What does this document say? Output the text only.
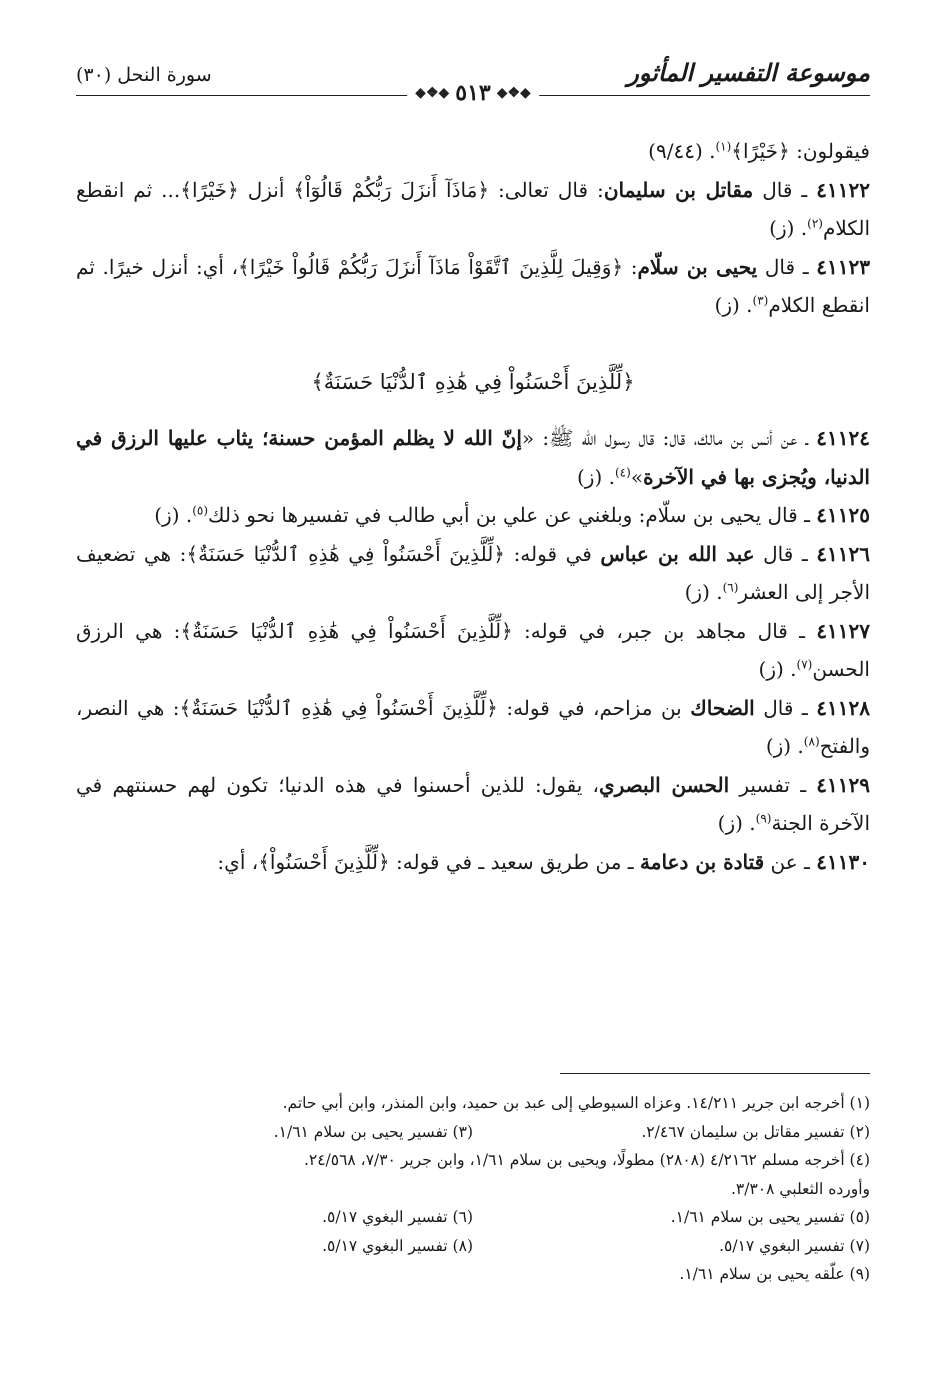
موسوعة التفسير المأثور
سورة النحل (٣٠)
◆❖◆
٥١٣
◆❖◆

فيقولون: ﴿خَيْرًا﴾$^{(١)}$. (٩/٤٤)

٤١١٢٢ ـ قال مقاتل بن سليمان: قال تعالى: ﴿مَاذَآ أَنزَلَ رَبُّكُمْ قَالُوٓاْ﴾ أنزل ﴿خَيْرًا﴾... ثم انقطع الكلام$^{(٢)}$. (ز)

٤١١٢٣ ـ قال يحيى بن سلّام: ﴿وَقِيلَ لِلَّذِينَ ٱتَّقَوْاْ مَاذَآ أَنزَلَ رَبُّكُمْ قَالُواْ خَيْرًا﴾، أي: أنزل خيرًا. ثم انقطع الكلام$^{(٣)}$. (ز)

﴿لِّلَّذِينَ أَحْسَنُواْ فِي هَٰذِهِ ٱلدُّنْيَا حَسَنَةٌ﴾

٤١١٢٤ ـ عن أنس بن مالك، قال: قال رسول الله ﷺ: «إنّ الله لا يظلم المؤمن حسنة؛ يثاب عليها الرزق في الدنيا، ويُجزى بها في الآخرة»$^{(٤)}$. (ز)

٤١١٢٥ ـ قال يحيى بن سلّام: وبلغني عن علي بن أبي طالب في تفسيرها نحو ذلك$^{(٥)}$. (ز)

٤١١٢٦ ـ قال عبد الله بن عباس في قوله: ﴿لِّلَّذِينَ أَحْسَنُواْ فِي هَٰذِهِ ٱلدُّنْيَا حَسَنَةٌ﴾: هي تضعيف الأجر إلى العشر$^{(٦)}$. (ز)

٤١١٢٧ ـ قال مجاهد بن جبر، في قوله: ﴿لِّلَّذِينَ أَحْسَنُواْ فِي هَٰذِهِ ٱلدُّنْيَا حَسَنَةٌ﴾: هي الرزق الحسن$^{(٧)}$. (ز)

٤١١٢٨ ـ قال الضحاك بن مزاحم، في قوله: ﴿لِّلَّذِينَ أَحْسَنُواْ فِي هَٰذِهِ ٱلدُّنْيَا حَسَنَةٌ﴾: هي النصر، والفتح$^{(٨)}$. (ز)

٤١١٢٩ ـ تفسير الحسن البصري، يقول: للذين أحسنوا في هذه الدنيا؛ تكون لهم حسنتهم في الآخرة الجنة$^{(٩)}$. (ز)

٤١١٣٠ ـ عن قتادة بن دعامة ـ من طريق سعيد ـ في قوله: ﴿لِّلَّذِينَ أَحْسَنُواْ﴾، أي:

(١) أخرجه ابن جرير ١٤/٢١١. وعزاه السيوطي إلى عبد بن حميد، وابن المنذر، وابن أبي حاتم.

(٢) تفسير مقاتل بن سليمان ٢/٤٦٧.
(٣) تفسير يحيى بن سلام ١/٦١.

(٤) أخرجه مسلم ٤/٢١٦٢ (٢٨٠٨) مطولًا، ويحيى بن سلام ١/٦١، وابن جرير ٧/٣٠، ٢٤/٥٦٨.

وأورده الثعلبي ٣/٣٠٨.

(٥) تفسير يحيى بن سلام ١/٦١.
(٦) تفسير البغوي ٥/١٧.
(٧) تفسير البغوي ٥/١٧.
(٨) تفسير البغوي ٥/١٧.

(٩) علّقه يحيى بن سلام ١/٦١.
